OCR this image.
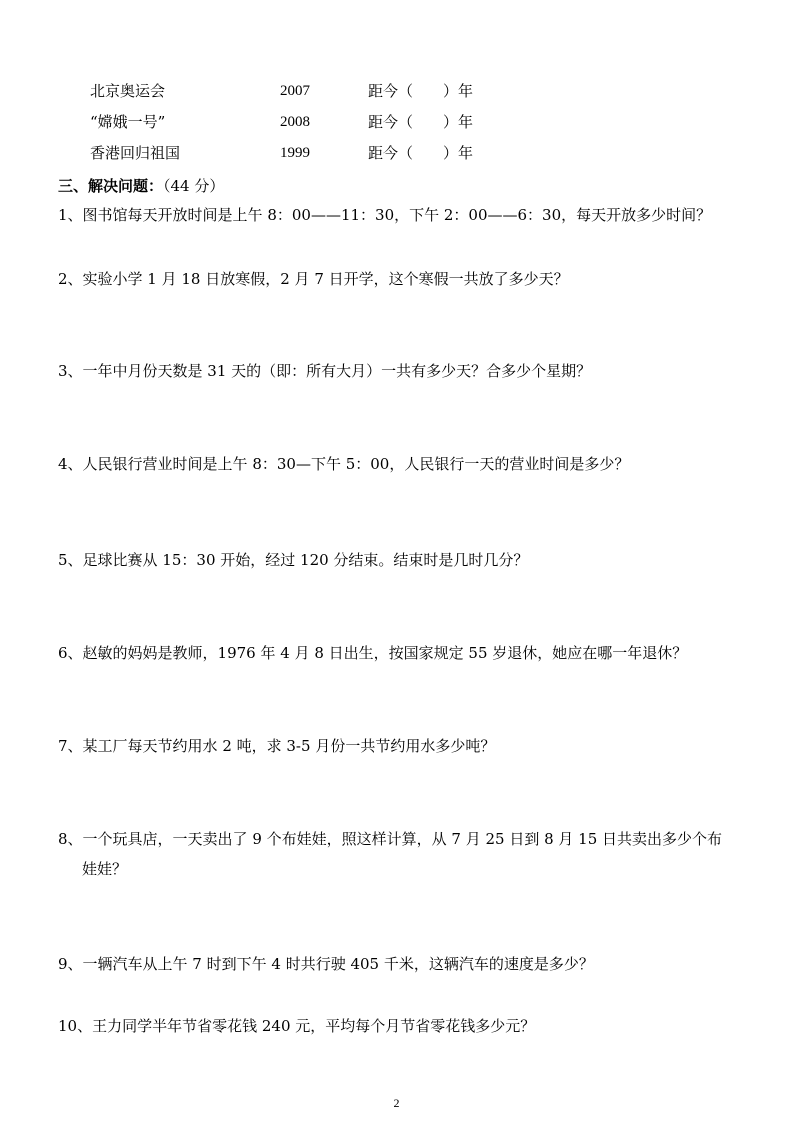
北京奥运会	2007	距今（　　）年
“嫦娥一号”	2008	距今（　　）年
香港回归祖国	1999	距今（　　）年
三、解决问题：（44 分）
1、图书馆每天开放时间是上午 8：00——11：30，下午 2：00——6：30，每天开放多少时间？
2、实验小学 1 月 18 日放寒假，2 月 7 日开学，这个寒假一共放了多少天？
3、一年中月份天数是 31 天的（即：所有大月）一共有多少天？合多少个星期？
4、人民银行营业时间是上午 8：30—下午 5：00，人民银行一天的营业时间是多少？
5、足球比赛从 15：30 开始，经过 120 分结束。结束时是几时几分？
6、赵敏的妈妈是教师，1976 年 4 月 8 日出生，按国家规定 55 岁退休，她应在哪一年退休？
7、某工厂每天节约用水 2 吨，求 3-5 月份一共节约用水多少吨？
8、一个玩具店，一天卖出了 9 个布娃娃，照这样计算，从 7 月 25 日到 8 月 15 日共卖出多少个布
娃娃？
9、一辆汽车从上午 7 时到下午 4 时共行驶 405 千米，这辆汽车的速度是多少？
10、王力同学半年节省零花钱 240 元，平均每个月节省零花钱多少元？
2
